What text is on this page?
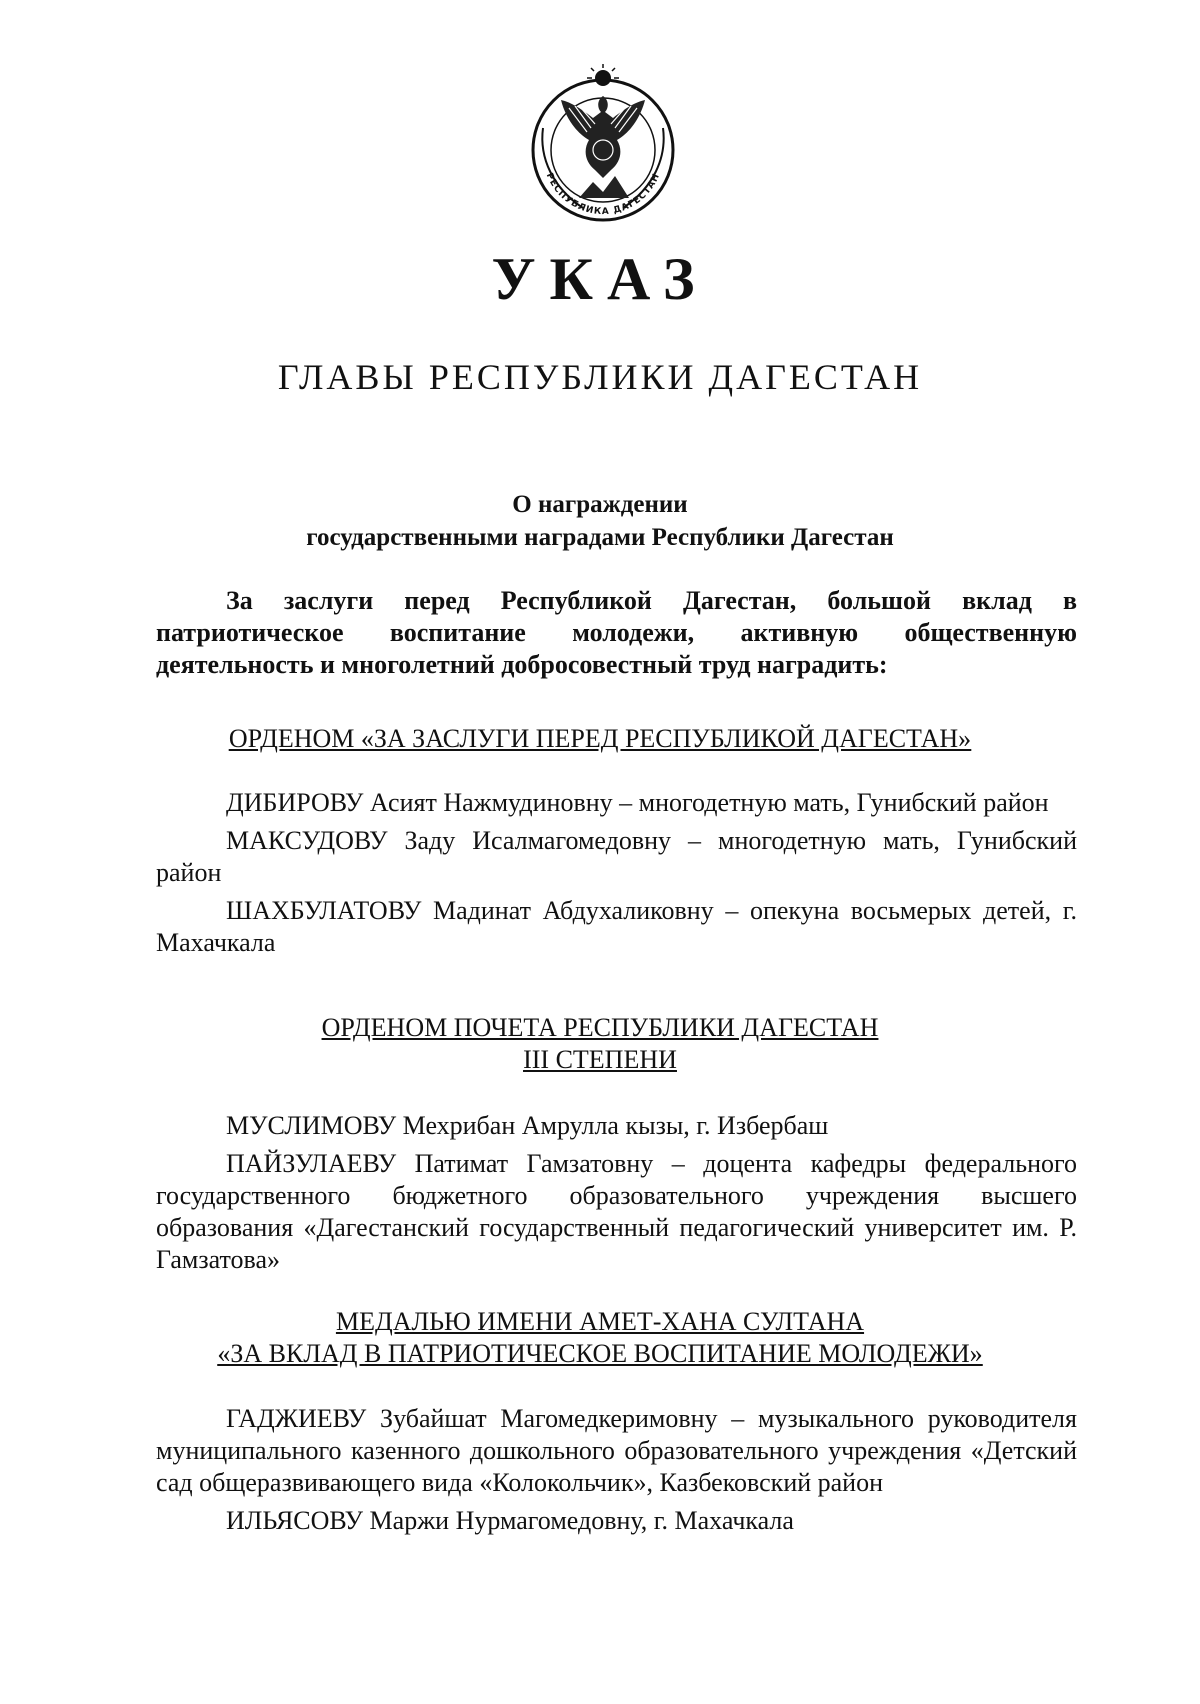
РЕСПУБЛИКА ДАГЕСТАН
УКАЗ
ГЛАВЫ РЕСПУБЛИКИ ДАГЕСТАН
О награждении
государственными наградами Республики Дагестан
За заслуги перед Республикой Дагестан, большой вклад в патриотическое воспитание молодежи, активную общественную деятельность и многолетний добросовестный труд наградить:
ОРДЕНОМ «ЗА ЗАСЛУГИ ПЕРЕД РЕСПУБЛИКОЙ ДАГЕСТАН»

ДИБИРОВУ Асият Нажмудиновну – многодетную мать, Гунибский район

МАКСУДОВУ Заду Исалмагомедовну – многодетную мать, Гунибский район

ШАХБУЛАТОВУ Мадинат Абдухаликовну – опекуна восьмерых детей, г. Махачкала

ОРДЕНОМ ПОЧЕТА РЕСПУБЛИКИ ДАГЕСТАН
III СТЕПЕНИ

МУСЛИМОВУ Мехрибан Амрулла кызы, г. Избербаш

ПАЙЗУЛАЕВУ Патимат Гамзатовну – доцента кафедры федерального государственного бюджетного образовательного учреждения высшего образования «Дагестанский государственный педагогический университет им. Р. Гамзатова»

МЕДАЛЬЮ ИМЕНИ АМЕТ-ХАНА СУЛТАНА
«ЗА ВКЛАД В ПАТРИОТИЧЕСКОЕ ВОСПИТАНИЕ МОЛОДЕЖИ»

ГАДЖИЕВУ Зубайшат Магомедкеримовну – музыкального руководителя муниципального казенного дошкольного образовательного учреждения «Детский сад общеразвивающего вида «Колокольчик», Казбековский район

ИЛЬЯСОВУ Маржи Нурмагомедовну, г. Махачкала
